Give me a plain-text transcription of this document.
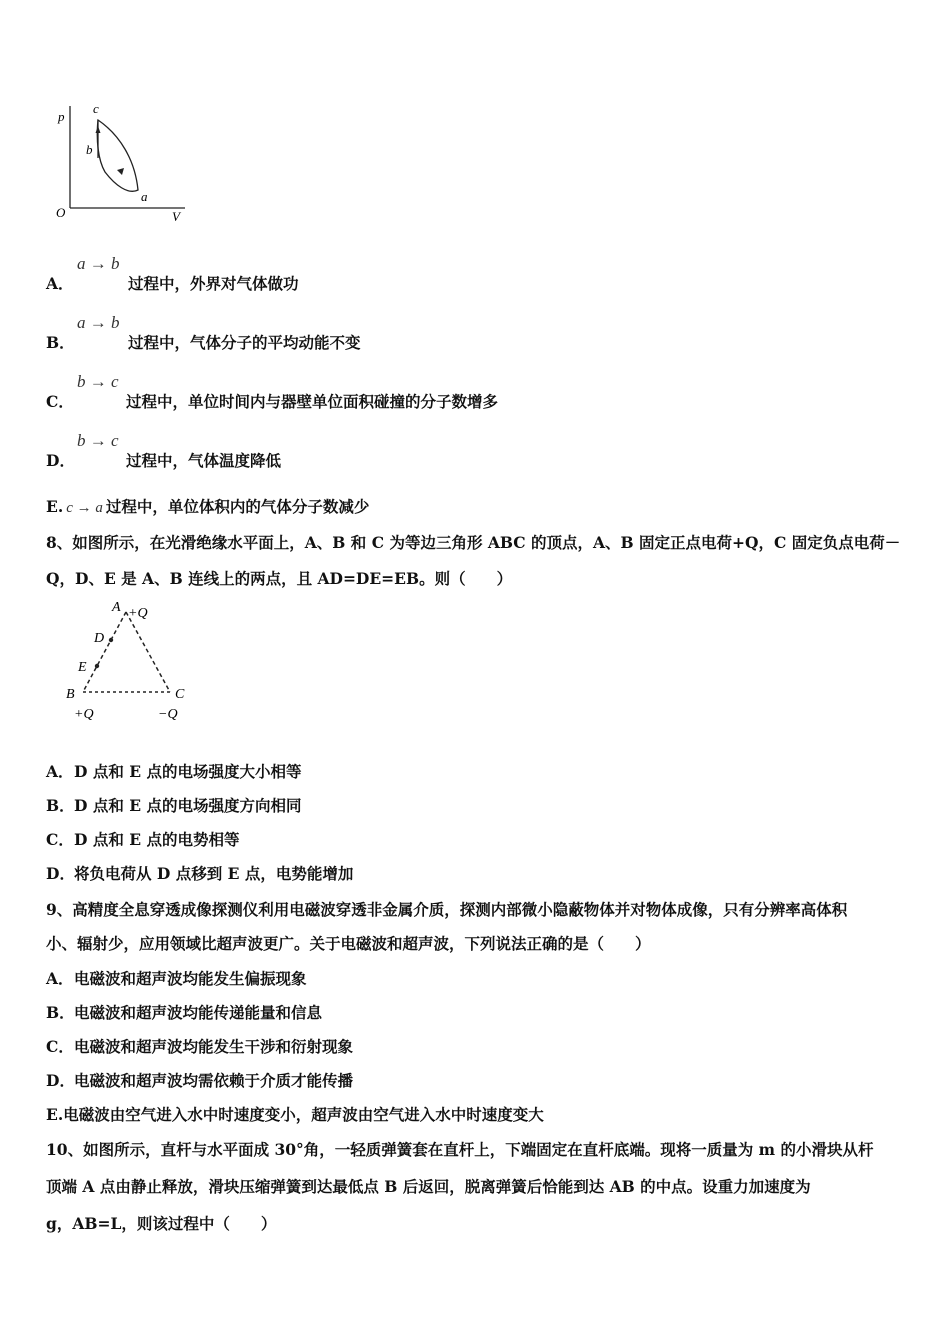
p
V
O
a
b
c
A．
a → b
过程中，外界对气体做功
B．
a → b
过程中，气体分子的平均动能不变
C．
b → c
过程中，单位时间内与器壁单位面积碰撞的分子数增多
D．
b → c
过程中，气体温度降低
E. c → a 过程中，单位体积内的气体分子数减少
8、如图所示，在光滑绝缘水平面上，A、B 和 C 为等边三角形 ABC 的顶点，A、B 固定正点电荷+Q，C 固定负点电荷－
Q，D、E 是 A、B 连线上的两点，且 AD=DE=EB。则（　　）
A +Q
D
E
B	C
+Q	−Q
A．D 点和 E 点的电场强度大小相等
B．D 点和 E 点的电场强度方向相同
C．D 点和 E 点的电势相等
D．将负电荷从 D 点移到 E 点，电势能增加
9、高精度全息穿透成像探测仪利用电磁波穿透非金属介质，探测内部微小隐蔽物体并对物体成像，只有分辨率高体积
小、辐射少，应用领域比超声波更广。关于电磁波和超声波，下列说法正确的是（　　）
A．电磁波和超声波均能发生偏振现象
B．电磁波和超声波均能传递能量和信息
C．电磁波和超声波均能发生干涉和衍射现象
D．电磁波和超声波均需依赖于介质才能传播
E.电磁波由空气进入水中时速度变小，超声波由空气进入水中时速度变大
10、如图所示，直杆与水平面成 30°角，一轻质弹簧套在直杆上，下端固定在直杆底端。现将一质量为 m 的小滑块从杆
顶端 A 点由静止释放，滑块压缩弹簧到达最低点 B 后返回，脱离弹簧后恰能到达 AB 的中点。设重力加速度为
g，AB=L，则该过程中（　　）
